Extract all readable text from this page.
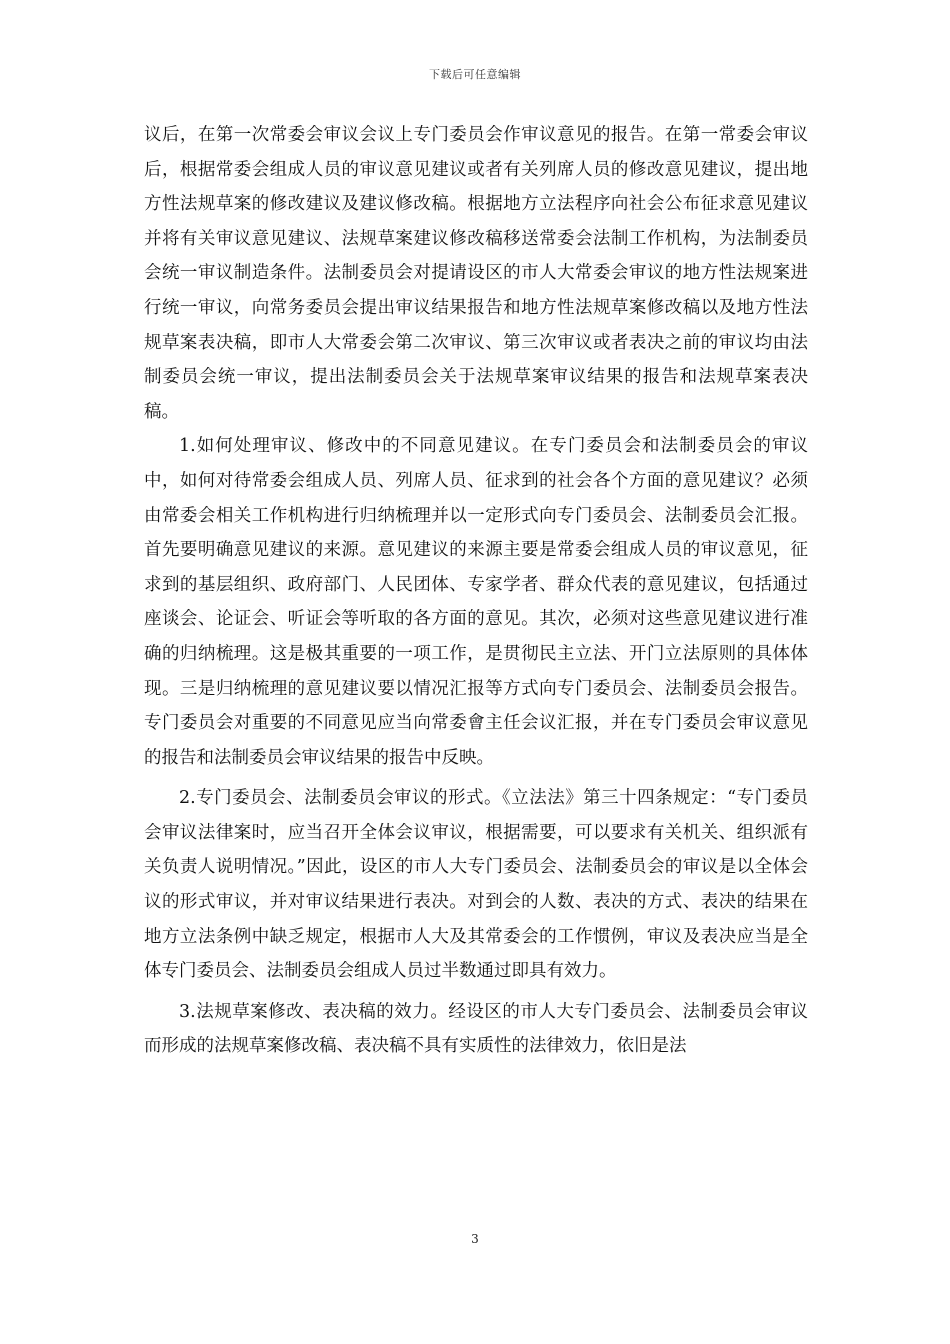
下载后可任意编辑

议后，在第一次常委会审议会议上专门委员会作审议意见的报告。在第一常委会审议后，根据常委会组成人员的审议意见建议或者有关列席人员的修改意见建议，提出地方性法规草案的修改建议及建议修改稿。根据地方立法程序向社会公布征求意见建议并将有关审议意见建议、法规草案建议修改稿移送常委会法制工作机构，为法制委员会统一审议制造条件。法制委员会对提请设区的市人大常委会审议的地方性法规案进行统一审议，向常务委员会提出审议结果报告和地方性法规草案修改稿以及地方性法规草案表决稿，即市人大常委会第二次审议、第三次审议或者表决之前的审议均由法制委员会统一审议，提出法制委员会关于法规草案审议结果的报告和法规草案表决稿。

1.如何处理审议、修改中的不同意见建议。在专门委员会和法制委员会的审议中，如何对待常委会组成人员、列席人员、征求到的社会各个方面的意见建议？必须由常委会相关工作机构进行归纳梳理并以一定形式向专门委员会、法制委员会汇报。首先要明确意见建议的来源。意见建议的来源主要是常委会组成人员的审议意见，征求到的基层组织、政府部门、人民团体、专家学者、群众代表的意见建议，包括通过座谈会、论证会、听证会等听取的各方面的意见。其次，必须对这些意见建议进行准确的归纳梳理。这是极其重要的一项工作，是贯彻民主立法、开门立法原则的具体体现。三是归纳梳理的意见建议要以情况汇报等方式向专门委员会、法制委员会报告。专门委员会对重要的不同意见应当向常委會主任会议汇报，并在专门委员会审议意见的报告和法制委员会审议结果的报告中反映。

2.专门委员会、法制委员会审议的形式。《立法法》第三十四条规定：“专门委员会审议法律案时，应当召开全体会议审议，根据需要，可以要求有关机关、组织派有关负责人说明情况。”因此，设区的市人大专门委员会、法制委员会的审议是以全体会议的形式审议，并对审议结果进行表决。对到会的人数、表决的方式、表决的结果在地方立法条例中缺乏规定，根据市人大及其常委会的工作惯例，审议及表决应当是全体专门委员会、法制委员会组成人员过半数通过即具有效力。

3.法规草案修改、表决稿的效力。经设区的市人大专门委员会、法制委员会审议而形成的法规草案修改稿、表决稿不具有实质性的法律效力，依旧是法

3
